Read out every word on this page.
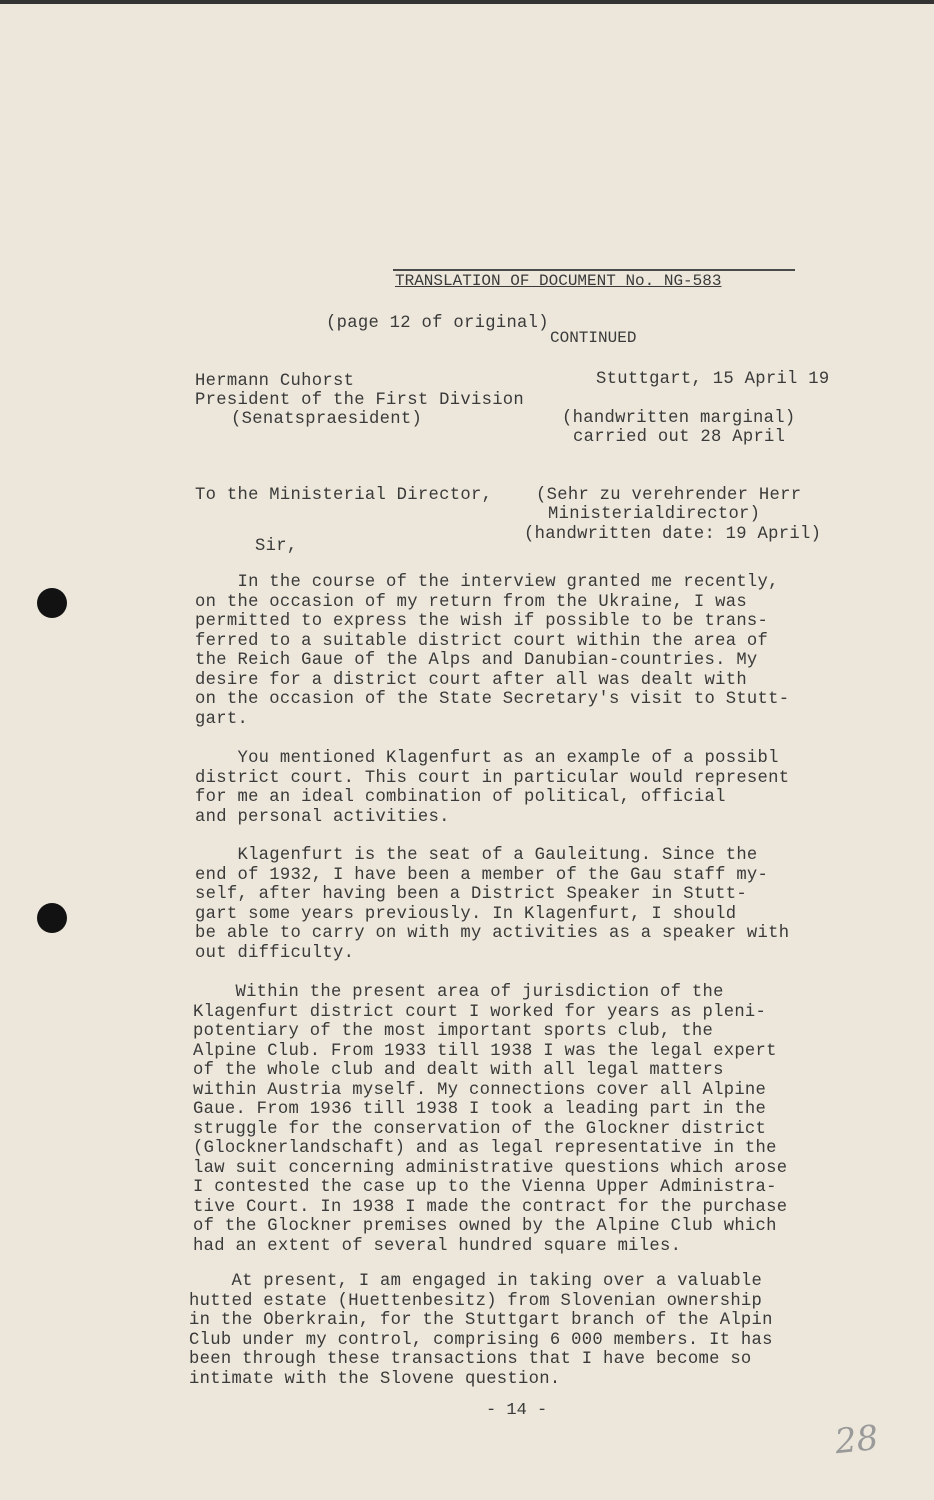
TRANSLATION OF DOCUMENT No. NG-583

CONTINUED

(page 12 of original)
Hermann Cuhorst
President of the First Division
(Senatspraesident)
Stuttgart, 15 April 19
(handwritten marginal)
carried out 28 April
To the Ministerial Director,	(Sehr zu verehrender Herr
Ministerialdirector)
(handwritten date: 19 April)
Sir,
In the course of the interview granted me recently,
on the occasion of my return from the Ukraine, I was
permitted to express the wish if possible to be trans-
ferred to a suitable district court within the area of
the Reich Gaue of the Alps and Danubian-countries. My
desire for a district court after all was dealt with
on the occasion of the State Secretary's visit to Stutt-
gart.
You mentioned Klagenfurt as an example of a possibl
district court. This court in particular would represent
for me an ideal combination of political, official
and personal activities.
Klagenfurt is the seat of a Gauleitung. Since the
end of 1932, I have been a member of the Gau staff my-
self, after having been a District Speaker in Stutt-
gart some years previously. In Klagenfurt, I should
be able to carry on with my activities as a speaker with
out difficulty.
Within the present area of jurisdiction of the
Klagenfurt district court I worked for years as pleni-
potentiary of the most important sports club, the
Alpine Club. From 1933 till 1938 I was the legal expert
of the whole club and dealt with all legal matters
within Austria myself. My connections cover all Alpine
Gaue. From 1936 till 1938 I took a leading part in the
struggle for the conservation of the Glockner district
(Glocknerlandschaft) and as legal representative in the
law suit concerning administrative questions which arose
I contested the case up to the Vienna Upper Administra-
tive Court. In 1938 I made the contract for the purchase
of the Glockner premises owned by the Alpine Club which
had an extent of several hundred square miles.
At present, I am engaged in taking over a valuable
hutted estate (Huettenbesitz) from Slovenian ownership
in the Oberkrain, for the Stuttgart branch of the Alpin
Club under my control, comprising 6 000 members. It has
been through these transactions that I have become so
intimate with the Slovene question.
- 14 -
28
